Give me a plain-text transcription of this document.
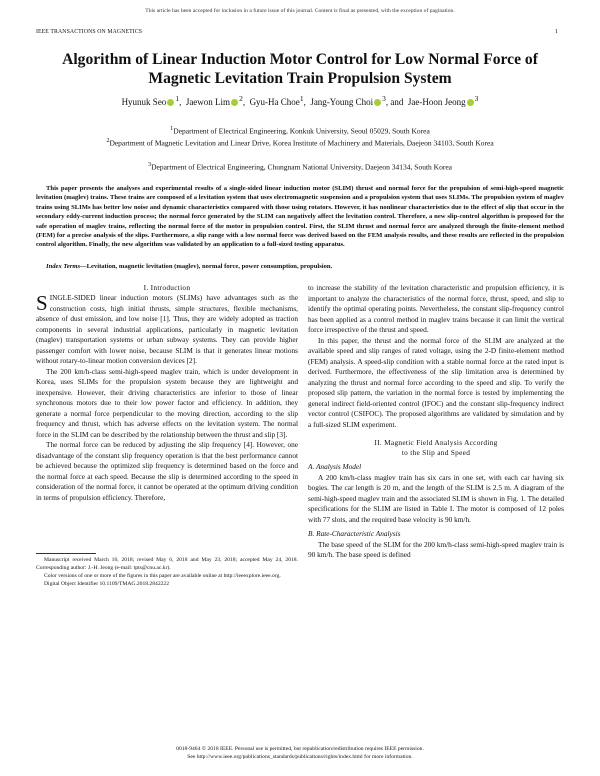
This article has been accepted for inclusion in a future issue of this journal. Content is final as presented, with the exception of pagination.
IEEE TRANSACTIONS ON MAGNETICS	1
Algorithm of Linear Induction Motor Control for Low Normal Force of Magnetic Levitation Train Propulsion System
Hyunuk Seo $^1$,  Jaewon Lim $^2$,  Gyu-Ha Choe$^1$,  Jang-Young Choi $^3$, and  Jae-Hoon Jeong $^3$
$^1$Department of Electrical Engineering, Konkuk University, Seoul 05029, South Korea
$^2$Department of Magnetic Levitation and Linear Drive, Korea Institute of Machinery and Materials, Daejeon 34103, South Korea
$^3$Department of Electrical Engineering, Chungnam National University, Daejeon 34134, South Korea
This paper presents the analyses and experimental results of a single-sided linear induction motor (SLIM) thrust and normal force for the propulsion of semi-high-speed magnetic levitation (maglev) trains. These trains are composed of a levitation system that uses electromagnetic suspension and a propulsion system that uses SLIMs. The propulsion system of maglev trains using SLIMs has better low noise and dynamic characteristics compared with those using rotators. However, it has nonlinear characteristics due to the effect of slip that occur in the secondary eddy-current induction process; the normal force generated by the SLIM can negatively affect the levitation control. Therefore, a new slip-control algorithm is proposed for the safe operation of maglev trains, reflecting the normal force of the motor in propulsion control. First, the SLIM thrust and normal force are analyzed through the finite-element method (FEM) for a precise analysis of the slips. Furthermore, a slip range with a low normal force was derived based on the FEM analysis results, and these results are reflected in the propulsion control algorithm. Finally, the new algorithm was validated by an application to a full-sized testing apparatus.
Index Terms—Levitation, magnetic levitation (maglev), normal force, power consumption, propulsion.
I. Introduction

SINGLE-SIDED linear induction motors (SLIMs) have advantages such as the construction costs, high initial thrusts, simple structures, flexible mechanisms, absence of dust emission, and low noise [1]. Thus, they are widely adopted as traction components in several industrial applications, particularly in magnetic levitation (maglev) transportation systems or urban subway systems. They can provide higher passenger comfort with lower noise, because SLIM is that it generates linear motions without rotary-to-linear motion conversion devices [2].

The 200 km/h-class semi-high-speed maglev train, which is under development in Korea, uses SLIMs for the propulsion system because they are lightweight and inexpensive. However, their driving characteristics are inferior to those of linear synchronous motors due to their low power factor and efficiency. In addition, they generate a normal force perpendicular to the moving direction, according to the slip frequency and thrust, which has adverse effects on the levitation system. The normal force in the SLIM can be described by the relationship between the thrust and slip [3].

The normal force can be reduced by adjusting the slip frequency [4]. However, one disadvantage of the constant slip frequency operation is that the best performance cannot be achieved because the optimized slip frequency is determined based on the force and the normal force at each speed. Because the slip is determined according to the speed in consideration of the normal force, it cannot be operated at the optimum driving condition in terms of propulsion efficiency. Therefore,

Manuscript received March 16, 2018; revised May 6, 2018 and May 23, 2018; accepted May 24, 2018. Corresponding author: J.-H. Jeong (e-mail: tpts@cnu.ac.kr).

Color versions of one or more of the figures in this paper are available online at http://ieeexplore.ieee.org.

Digital Object Identifier 10.1109/TMAG.2018.2842222

to increase the stability of the levitation characteristic and propulsion efficiency, it is important to analyze the characteristics of the normal force, thrust, speed, and slip to identify the optimal operating points. Nevertheless, the constant slip-frequency control has been applied as a control method in maglev trains because it can limit the vertical force irrespective of the thrust and speed.

In this paper, the thrust and the normal force of the SLIM are analyzed at the available speed and slip ranges of rated voltage, using the 2-D finite-element method (FEM) analysis. A speed-slip condition with a stable normal force at the rated input is derived. Furthermore, the effectiveness of the slip limitation area is determined by analyzing the thrust and normal force according to the speed and slip. To verify the proposed slip pattern, the variation in the normal force is tested by implementing the general indirect field-oriented control (IFOC) and the constant slip-frequency indirect vector control (CSIFOC). The proposed algorithms are validated by simulation and by a full-sized SLIM experiment.

II. Magnetic Field Analysis According
to the Slip and Speed
A. Analysis Model

A 200 km/h-class maglev train has six cars in one set, with each car having six bogies. The car length is 20 m, and the length of the SLIM is 2.5 m. A diagram of the semi-high-speed maglev train and the associated SLIM is shown in Fig. 1. The detailed specifications for the SLIM are listed in Table I. The motor is composed of 12 poles with 77 slots, and the required base velocity is 90 km/h.

B. Rate-Characteristic Analysis

The base speed of the SLIM for the 200 km/h-class semi-high-speed maglev train is 90 km/h. The base speed is defined

0018-9464 © 2018 IEEE. Personal use is permitted, but republication/redistribution requires IEEE permission.
See http://www.ieee.org/publications_standards/publications/rights/index.html for more information.
